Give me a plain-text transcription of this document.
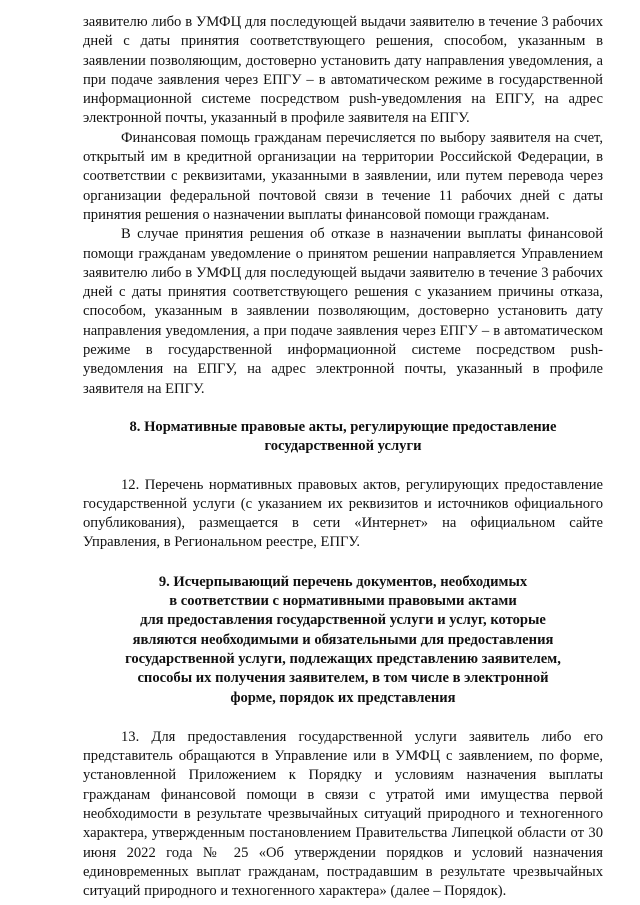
заявителю либо в УМФЦ для последующей выдачи заявителю в течение 3 рабочих дней с даты принятия соответствующего решения, способом, указанным в заявлении позволяющим, достоверно установить дату направления уведомления, а при подаче заявления через ЕПГУ – в автоматическом режиме в государственной информационной системе посредством push-уведомления на ЕПГУ, на адрес электронной почты, указанный в профиле заявителя на ЕПГУ.

Финансовая помощь гражданам перечисляется по выбору заявителя на счет, открытый им в кредитной организации на территории Российской Федерации, в соответствии с реквизитами, указанными в заявлении, или путем перевода через организации федеральной почтовой связи в течение 11 рабочих дней с даты принятия решения о назначении выплаты финансовой помощи гражданам.

В случае принятия решения об отказе в назначении выплаты финансовой помощи гражданам уведомление о принятом решении направляется Управлением заявителю либо в УМФЦ для последующей выдачи заявителю в течение 3 рабочих дней с даты принятия соответствующего решения с указанием причины отказа, способом, указанным в заявлении позволяющим, достоверно установить дату направления уведомления, а при подаче заявления через ЕПГУ – в автоматическом режиме в государственной информационной системе посредством push-уведомления на ЕПГУ, на адрес электронной почты, указанный в профиле заявителя на ЕПГУ.

8. Нормативные правовые акты, регулирующие предоставление
государственной услуги

12. Перечень нормативных правовых актов, регулирующих предоставление государственной услуги (с указанием их реквизитов и источников официального опубликования), размещается в сети «Интернет» на официальном сайте Управления, в Региональном реестре, ЕПГУ.

9. Исчерпывающий перечень документов, необходимых
в соответствии с нормативными правовыми актами
для предоставления государственной услуги и услуг, которые
являются необходимыми и обязательными для предоставления
государственной услуги, подлежащих представлению заявителем,
способы их получения заявителем, в том числе в электронной
форме, порядок их представления

13. Для предоставления государственной услуги заявитель либо его представитель обращаются в Управление или в УМФЦ с заявлением, по форме, установленной Приложением к Порядку и условиям назначения выплаты гражданам финансовой помощи в связи с утратой ими имущества первой необходимости в результате чрезвычайных ситуаций природного и техногенного характера, утвержденным постановлением Правительства Липецкой области от 30 июня 2022 года № 25 «Об утверждении порядков и условий назначения единовременных выплат гражданам, пострадавшим в результате чрезвычайных ситуаций природного и техногенного характера» (далее – Порядок).
